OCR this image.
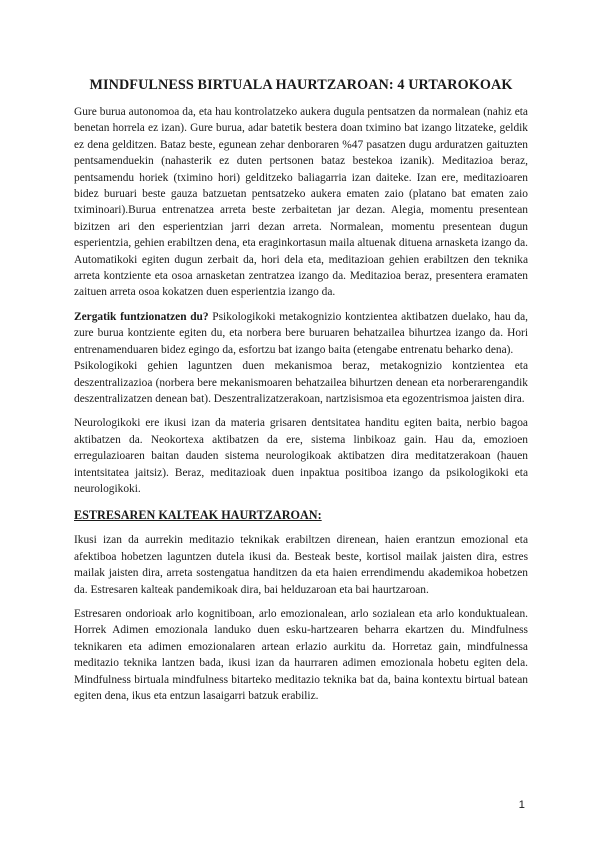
MINDFULNESS BIRTUALA HAURTZAROAN: 4 URTAROKOAK

Gure burua autonomoa da, eta hau kontrolatzeko aukera dugula pentsatzen da normalean (nahiz eta benetan horrela ez izan). Gure burua, adar batetik bestera doan tximino bat izango litzateke, geldik ez dena gelditzen. Bataz beste, egunean zehar denboraren %47 pasatzen dugu arduratzen gaituzten pentsamenduekin (nahasterik ez duten pertsonen bataz bestekoa izanik). Meditazioa beraz, pentsamendu horiek (tximino hori) gelditzeko baliagarria izan daiteke. Izan ere, meditazioaren bidez buruari beste gauza batzuetan pentsatzeko aukera ematen zaio (platano bat ematen zaio tximinoari).Burua entrenatzea arreta beste zerbaitetan jar dezan. Alegia, momentu presentean bizitzen ari den esperientzian jarri dezan arreta. Normalean, momentu presentean dugun esperientzia, gehien erabiltzen dena, eta eraginkortasun maila altuenak dituena arnasketa izango da. Automatikoki egiten dugun zerbait da, hori dela eta, meditazioan gehien erabiltzen den teknika arreta kontziente eta osoa arnasketan zentratzea izango da. Meditazioa beraz, presentera eramaten zaituen arreta osoa kokatzen duen esperientzia izango da.

Zergatik funtzionatzen du? Psikologikoki metakognizio kontzientea aktibatzen duelako, hau da, zure burua kontziente egiten du, eta norbera bere buruaren behatzailea bihurtzea izango da. Hori entrenamenduaren bidez egingo da, esfortzu bat izango baita (etengabe entrenatu beharko dena).

Psikologikoki gehien laguntzen duen mekanismoa beraz, metakognizio kontzientea eta deszentralizazioa (norbera bere mekanismoaren behatzailea bihurtzen denean eta norberarengandik deszentralizatzen denean bat). Deszentralizatzerakoan, nartzisismoa eta egozentrismoa jaisten dira.

Neurologikoki ere ikusi izan da materia grisaren dentsitatea handitu egiten baita, nerbio bagoa aktibatzen da. Neokortexa aktibatzen da ere, sistema linbikoaz gain. Hau da, emozioen erregulazioaren baitan dauden sistema neurologikoak aktibatzen dira meditatzerakoan (hauen intentsitatea jaitsiz). Beraz, meditazioak duen inpaktua positiboa izango da psikologikoki eta neurologikoki.

ESTRESAREN KALTEAK HAURTZAROAN:

Ikusi izan da aurrekin meditazio teknikak erabiltzen direnean, haien erantzun emozional eta afektiboa hobetzen laguntzen dutela ikusi da. Besteak beste, kortisol mailak jaisten dira, estres mailak jaisten dira, arreta sostengatua handitzen da eta haien errendimendu akademikoa hobetzen da. Estresaren kalteak pandemikoak dira, bai helduzaroan eta bai haurtzaroan.

Estresaren ondorioak arlo kognitiboan, arlo emozionalean, arlo sozialean eta arlo konduktualean. Horrek Adimen emozionala landuko duen esku-hartzearen beharra ekartzen du. Mindfulness teknikaren eta adimen emozionalaren artean erlazio aurkitu da. Horretaz gain, mindfulnessa meditazio teknika lantzen bada, ikusi izan da haurraren adimen emozionala hobetu egiten dela. Mindfulness birtuala mindfulness bitarteko meditazio teknika bat da, baina kontextu birtual batean egiten dena, ikus eta entzun lasaigarri batzuk erabiliz.

1
